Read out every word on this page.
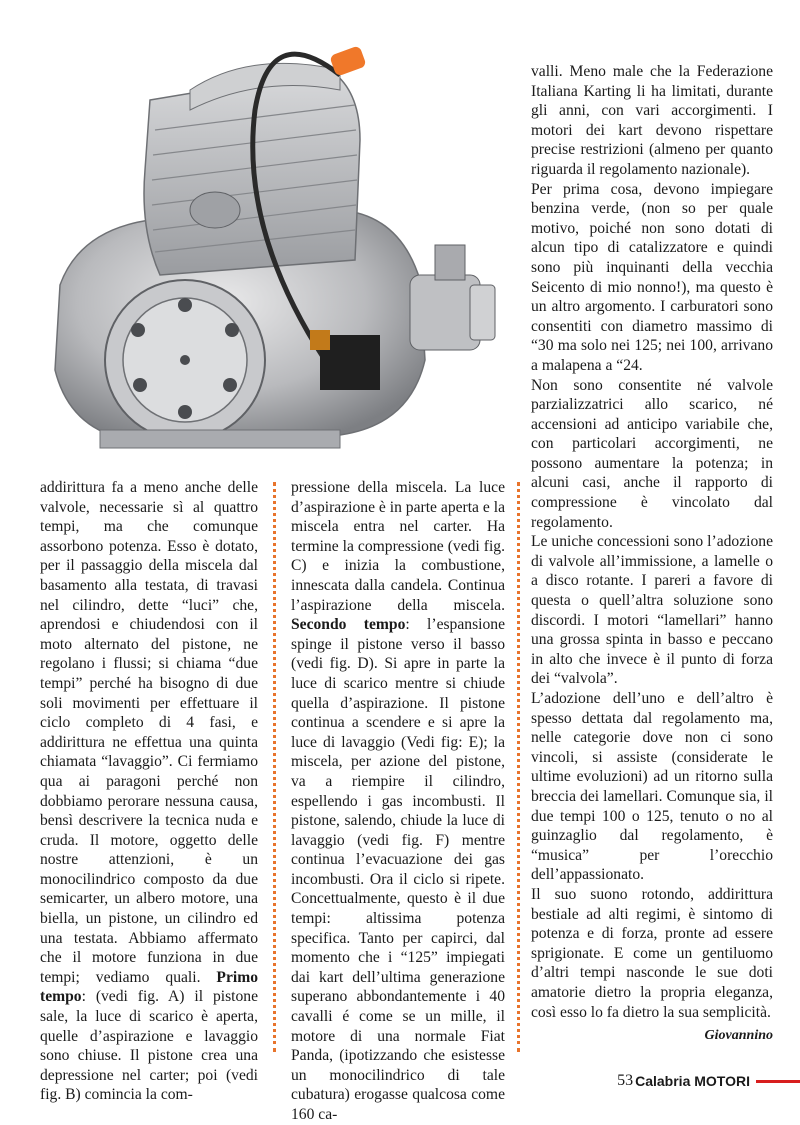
addirittura fa a meno anche delle valvole, necessarie sì al quattro tempi, ma che comunque assorbono potenza. Esso è dotato, per il passaggio della miscela dal basamento alla testata, di travasi nel cilindro, dette “luci” che, aprendosi e chiudendosi con il moto alternato del pistone, ne regolano i flussi; si chiama “due tempi” perché ha bisogno di due soli movimenti per effettuare il ciclo completo di 4 fasi, e addirittura ne effettua una quinta chiamata “lavaggio”. Ci fermiamo qua ai paragoni perché non dobbiamo perorare nessuna causa, bensì descrivere la tecnica nuda e cruda. Il motore, oggetto delle nostre attenzioni, è un monocilindrico composto da due semicarter, un albero motore, una biella, un pistone, un cilindro ed una testata. Abbiamo affermato che il motore funziona in due tempi; vediamo quali. Primo tempo: (vedi fig. A) il pistone sale, la luce di scarico è aperta, quelle d’aspirazione e lavaggio sono chiuse. Il pistone crea una depressione nel carter; poi (vedi fig. B) comincia la com-

pressione della miscela. La luce d’aspirazione è in parte aperta e la miscela entra nel carter. Ha termine la compressione (vedi fig. C) e inizia la combustione, innescata dalla candela. Continua l’aspirazione della miscela. Secondo tempo: l’espansione spinge il pistone verso il basso (vedi fig. D). Si apre in parte la luce di scarico mentre si chiude quella d’aspirazione. Il pistone continua a scendere e si apre la luce di lavaggio (Vedi fig: E); la miscela, per azione del pistone, va a riempire il cilindro, espellendo i gas incombusti. Il pistone, salendo, chiude la luce di lavaggio (vedi fig. F) mentre continua l’evacuazione dei gas incombusti. Ora il ciclo si ripete. Concettualmente, questo è il due tempi: altissima potenza specifica. Tanto per capirci, dal momento che i “125” impiegati dai kart dell’ultima generazione superano abbondantemente i 40 cavalli é come se un mille, il motore di una normale Fiat Panda, (ipotizzando che esistesse un monocilindrico di tale cubatura) erogasse qualcosa come 160 ca-

valli. Meno male che la Federazione Italiana Karting li ha limitati, durante gli anni, con vari accorgimenti. I motori dei kart devono rispettare precise restrizioni (almeno per quanto riguarda il regolamento nazionale).

Per prima cosa, devono impiegare benzina verde, (non so per quale motivo, poiché non sono dotati di alcun tipo di catalizzatore e quindi sono più inquinanti della vecchia Seicento di mio nonno!), ma questo è un altro argomento. I carburatori sono consentiti con diametro massimo di “30 ma solo nei 125; nei 100, arrivano a malapena a “24.

Non sono consentite né valvole parzializzatrici allo scarico, né accensioni ad anticipo variabile che, con particolari accorgimenti, ne possono aumentare la potenza; in alcuni casi, anche il rapporto di compressione è vincolato dal regolamento.

Le uniche concessioni sono l’adozione di valvole all’immissione, a lamelle o a disco rotante. I pareri a favore di questa o quell’altra soluzione sono discordi. I motori “lamellari” hanno una grossa spinta in basso e peccano in alto che invece è il punto di forza dei “valvola”.

L’adozione dell’uno e dell’altro è spesso dettata dal regolamento ma, nelle categorie dove non ci sono vincoli, si assiste (considerate le ultime evoluzioni) ad un ritorno sulla breccia dei lamellari. Comunque sia, il due tempi 100 o 125, tenuto o no al guinzaglio dal regolamento, è “musica” per l’orecchio dell’appassionato.

Il suo suono rotondo, addirittura bestiale ad alti regimi, è sintomo di potenza e di forza, pronte ad essere sprigionate. E come un gentiluomo d’altri tempi nasconde le sue doti amatorie dietro la propria eleganza, così esso lo fa dietro la sua semplicità.

Giovannino
53 Calabria MOTORI
